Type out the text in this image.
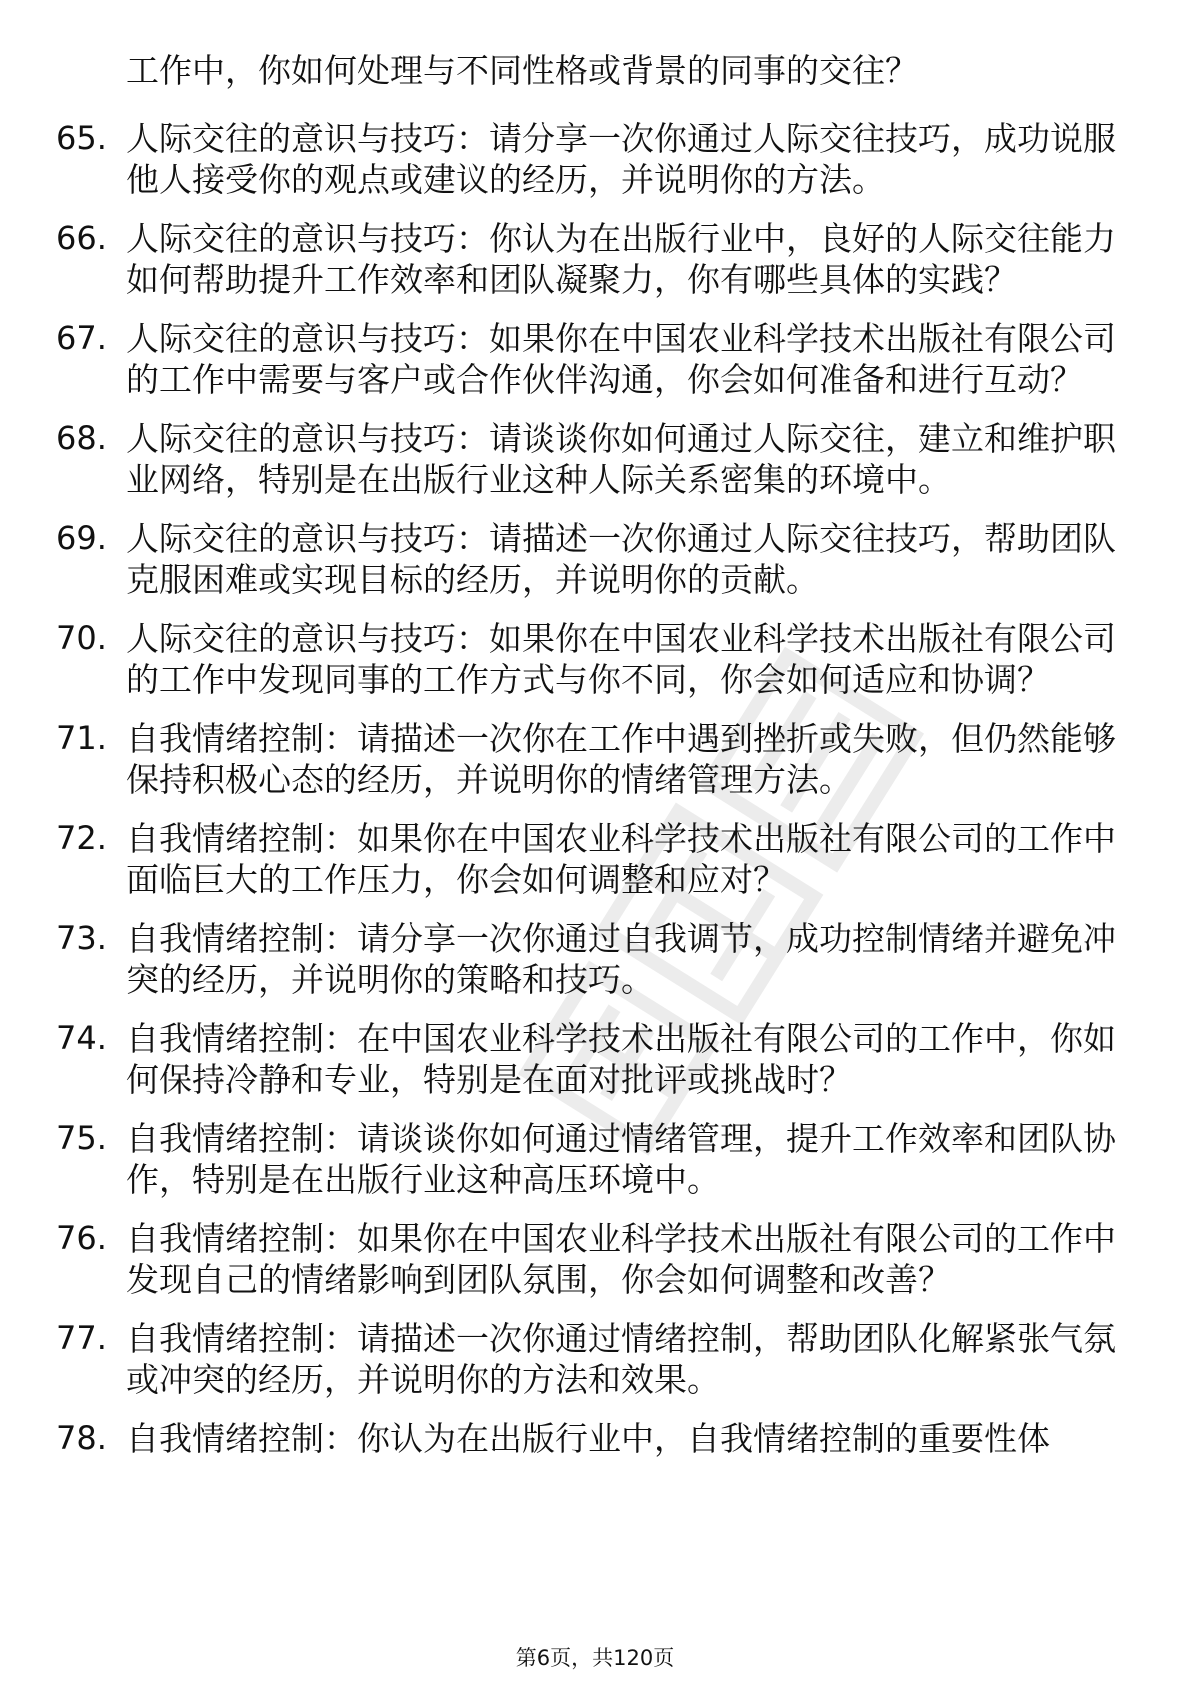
工作中，你如何处理与不同性格或背景的同事的交往？
65. 人际交往的意识与技巧：请分享一次你通过人际交往技巧，成功说服他人接受你的观点或建议的经历，并说明你的方法。
66. 人际交往的意识与技巧：你认为在出版行业中，良好的人际交往能力如何帮助提升工作效率和团队凝聚力，你有哪些具体的实践？
67. 人际交往的意识与技巧：如果你在中国农业科学技术出版社有限公司的工作中需要与客户或合作伙伴沟通，你会如何准备和进行互动？
68. 人际交往的意识与技巧：请谈谈你如何通过人际交往，建立和维护职业网络，特别是在出版行业这种人际关系密集的环境中。
69. 人际交往的意识与技巧：请描述一次你通过人际交往技巧，帮助团队克服困难或实现目标的经历，并说明你的贡献。
70. 人际交往的意识与技巧：如果你在中国农业科学技术出版社有限公司的工作中发现同事的工作方式与你不同，你会如何适应和协调？
71. 自我情绪控制：请描述一次你在工作中遇到挫折或失败，但仍然能够保持积极心态的经历，并说明你的情绪管理方法。
72. 自我情绪控制：如果你在中国农业科学技术出版社有限公司的工作中面临巨大的工作压力，你会如何调整和应对？
73. 自我情绪控制：请分享一次你通过自我调节，成功控制情绪并避免冲突的经历，并说明你的策略和技巧。
74. 自我情绪控制：在中国农业科学技术出版社有限公司的工作中，你如何保持冷静和专业，特别是在面对批评或挑战时？
75. 自我情绪控制：请谈谈你如何通过情绪管理，提升工作效率和团队协作，特别是在出版行业这种高压环境中。
76. 自我情绪控制：如果你在中国农业科学技术出版社有限公司的工作中发现自己的情绪影响到团队氛围，你会如何调整和改善？
77. 自我情绪控制：请描述一次你通过情绪控制，帮助团队化解紧张气氛或冲突的经历，并说明你的方法和效果。
78. 自我情绪控制：你认为在出版行业中，自我情绪控制的重要性体
第6页，共120页
